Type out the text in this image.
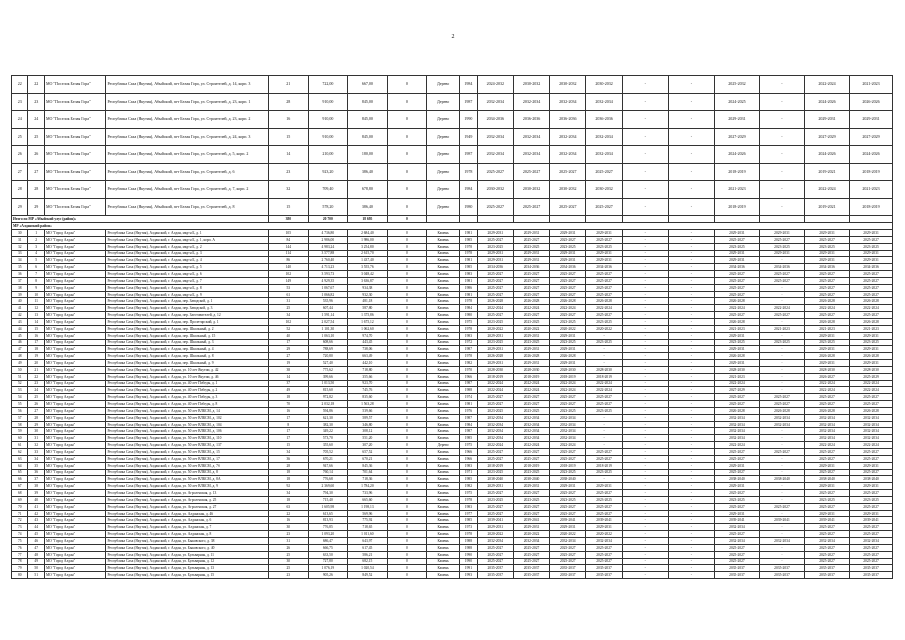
2
22	22	МО "Поселок Белая Гора"	Республика Саха (Якутия), Абыйский, пгт Белая Гора, ул. Строителей, д. 14, корп. 3	21	722,00	667,00	0	Дерево	1984	2024-2032	2030-2032	2030-2032	2030-2032	-	-	2025-2032	-	2022-2024	2021-2023
23	23	МО "Поселок Белая Гора"	Республика Саха (Якутия), Абыйский, пгт Белая Гора, ул. Строителей, д. 23, корп. 1	28	910,00	845,00	0	Дерево	1987	2032-2034	2032-2034	2032-2034	2032-2034	-	-	2024-2025	-	2024-2026	2026-2026
24	24	МО "Поселок Белая Гора"	Республика Саха (Якутия), Абыйский, пгт Белая Гора, ул. Строителей, д. 23, корп. 2	16	910,00	845,00	0	Дерево	1990	2034-2036	2036-2036	2036-2036	2036-2036	-	-	2029-2031	-	2029-2031	2029-2031
25	25	МО "Поселок Белая Гора"	Республика Саха (Якутия), Абыйский, пгт Белая Гора, ул. Строителей, д. 24, корп. 3	15	910,00	845,00	0	Дерево	1949	2032-2034	2032-2034	2032-2034	2032-2034	-	-	2027-2029	-	2027-2029	2027-2029
26	26	МО "Поселок Белая Гора"	Республика Саха (Якутия), Абыйский, пгт Белая Гора, ул. Строителей, д. 5, корп. 2	14	210,00	180,00	0	Дерево	1987	2032-2034	2032-2034	2032-2034	2032-2034	-	-	2024-2026	-	2024-2026	2024-2026
27	27	МО "Поселок Белая Гора"	Республика Саха (Якутия), Абыйский, пгт Белая Гора, ул. Строителей, д. 6	23	923,20	386,40	0	Дерево	1978	2025-2027	2025-2027	2025-2027	2025-2027	-	-	2018-2019	-	2019-2021	2018-2019
28	28	МО "Поселок Белая Гора"	Республика Саха (Якутия), Абыйский, пгт Белая Гора, ул. Строителей, д. 7, корп. 2	32	709,40	678,80	0	Дерево	1984	2030-2032	2030-2032	2030-2032	2030-2032	-	-	2021-2023	-	2022-2024	2021-2023
29	29	МО "Поселок Белая Гора"	Республика Саха (Якутия), Абыйский, пгт Белая Гора, ул. Строителей, д. 8	15	578,20	386,40	0	Дерево	1980	2025-2027	2025-2027	2025-2027	2025-2027	-	-	2018-2019	-	2019-2021	2018-2019
Итого по МР «Абыйский улус (район)»				380	20 700	18 695	0												
МР «Алданский район»																			
30	1	МО "Город Алдан"	Республика Саха (Якутия), Алданский, г. Алдан, мкр-н Б, д. 1	105	4 736,80	2 684,40	0	Камень	1981	2029-2031	2029-2031	2029-2031	2029-2031	-	-	2029-2031	2029-2031	2029-2031	2029-2031
31	2	МО "Город Алдан"	Республика Саха (Якутия), Алданский, г. Алдан, мкр-н Б, д. 1, корп. А	84	2 986,00	1 986,00	0	Камень	1985	2025-2027	2025-2027	2025-2027	2025-2027	-	-	2025-2027	2025-2027	2025-2027	2025-2027
32	3	МО "Город Алдан"	Республика Саха (Якутия), Алданский, г. Алдан, мкр-н Б, д. 2	144	4 983,24	3 254,80	0	Камень	1978	2023-2025	2023-2025	2023-2025	2023-2025	-	-	2023-2025	2023-2025	2023-2025	2023-2025
33	4	МО "Город Алдан"	Республика Саха (Якутия), Алданский, г. Алдан, мкр-н Б, д. 3	114	3 577,88	2 615,70	0	Камень	1978	2029-2031	2029-2031	2029-2031	2029-2031	-	-	2029-2031	2029-2031	2029-2031	2029-2031
34	5	МО "Город Алдан"	Республика Саха (Якутия), Алданский, г. Алдан, мкр-н Б, д. 4	86	2 760,40	1 437,40	0	Камень	1981	2029-2031	2029-2031	2029-2031	2029-2031	-	-	2029-2031	-	2029-2031	2029-2031
35	6	МО "Город Алдан"	Республика Саха (Якутия), Алданский, г. Алдан, мкр-н Б, д. 5	140	4 713,23	3 555,76	0	Камень	1985	2034-2036	2034-2036	2034-2036	2034-2036	-	-	2034-2036	2034-2036	2034-2036	2034-2036
36	7	МО "Город Алдан"	Республика Саха (Якутия), Алданский, г. Алдан, мкр-н Б, д. 6	102	3 593,73	3 048,42	0	Камень	1983	2025-2027	2025-2027	2025-2027	2025-2027	-	-	2025-2027	2025-2027	2025-2027	2025-2027
37	8	МО "Город Алдан"	Республика Саха (Якутия), Алданский, г. Алдан, мкр-н Б, д. 7	149	4 929,35	3 636,87	0	Камень	1981	2025-2027	2025-2027	2025-2027	2025-2027	-	-	2025-2027	2025-2027	2025-2027	2025-2027
38	9	МО "Город Алдан"	Республика Саха (Якутия), Алданский, г. Алдан, мкр-н Б, д. 8	53	1 067,67	934,38	0	Камень	1986	2025-2027	2025-2027	2025-2027	2025-2027	-	-	2025-2027	-	2025-2027	2025-2027
39	10	МО "Город Алдан"	Республика Саха (Якутия), Алданский, г. Алдан, мкр-н Б, д. 9	61	1 066,82	932,30	0	Камень	1981	2025-2027	2025-2027	2025-2027	2025-2027	-	-	2025-2027	-	2025-2027	2025-2027
40	11	МО "Город Алдан"	Республика Саха (Якутия), Алданский, г. Алдан, пер. Заводской, д. 1	31	535,96	481,18	0	Камень	1978	2026-2028	2026-2028	2026-2028	2026-2028	-	-	2026-2028	-	2026-2028	2026-2028
41	12	МО "Город Алдан"	Республика Саха (Якутия), Алданский, г. Алдан, пер. Заводской, д. 3	25	607,44	587,80	0	Камень	1984	2022-2024	2022-2024	2022-2024	2022-2024	-	-	2022-2024	2022-2024	2022-2024	2022-2024
42	13	МО "Город Алдан"	Республика Саха (Якутия), Алданский, г. Алдан, пер. Заготовителей, д. 12	34	1 591,14	1 375,86	0	Камень	1980	2025-2027	2025-2027	2025-2027	2025-2027	-	-	2025-2027	2025-2027	2025-2027	2025-2027
43	14	МО "Город Алдан"	Республика Саха (Якутия), Алданский, г. Алдан, пер. Пролетарский, д. 1	102	2 027,54	1 675,12	0	Камень	1975	2023-2025	2023-2025	2023-2025	2023-2025	-	-	2026-2028	-	2026-2028	2026-2028
44	15	МО "Город Алдан"	Республика Саха (Якутия), Алданский, г. Алдан, пер. Школьный, д. 2	52	1 101,30	1 062,60	0	Камень	1978	2020-2022	2020-2022	2020-2022	2020-2022	-	-	2021-2023	2021-2023	2021-2023	2021-2023
45	16	МО "Город Алдан"	Республика Саха (Якутия), Алданский, г. Алдан, пер. Школьный, д. 15	40	1 063,10	974,70	0	Камень	1983	2029-2031	2029-2031	2029-2031	-	-	-	2029-2031	-	2029-2031	2029-2031
46	17	МО "Город Алдан"	Республика Саха (Якутия), Алданский, г. Алдан, пер. Школьный, д. 3	17	608,66	443,45	0	Камень	1972	2023-2025	2023-2025	2023-2025	2023-2025	-	-	2023-2025	2023-2025	2023-2025	2023-2025
47	18	МО "Город Алдан"	Республика Саха (Якутия), Алданский, г. Алдан, пер. Школьный, д. 4	29	788,69	738,06	0	Камень	1987	2029-2031	2029-2031	2029-2031	-	-	-	2029-2031	-	2029-2031	2029-2031
48	19	МО "Город Алдан"	Республика Саха (Якутия), Алданский, г. Алдан, пер. Школьный, д. 8	27	720,80	663,49	0	Камень	1978	2026-2028	2026-2028	2026-2028	-	-	-	2026-2028	-	2026-2028	2026-2028
49	20	МО "Город Алдан"	Республика Саха (Якутия), Алданский, г. Алдан, пер. Школьный, д. 9	19	527,40	442,10	0	Камень	1982	2029-2031	2029-2031	2029-2031	-	-	-	2029-2031	-	2029-2031	2029-2031
50	21	МО "Город Алдан"	Республика Саха (Якутия), Алданский, г. Алдан, ул. 10 лет Якутии, д. 42	38	775,62	718,80	0	Камень	1970	2028-2030	2028-2030	2028-2030	2028-2030	-	-	2028-2030	-	2028-2030	2028-2030
51	22	МО "Город Алдан"	Республика Саха (Якутия), Алданский, г. Алдан, ул. 10 лет Якутии, д. 46	14	399,66	355,66	0	Камень	1966	2018-2019	2018-2019	2018-2019	2018-2019	-	-	2021-2023	-	2026-2027	2025-2029
52	23	МО "Город Алдан"	Республика Саха (Якутия), Алданский, г. Алдан, ул. 40 лет Победы, д. 1	37	1 013,50	923,70	0	Камень	1987	2022-2024	2022-2024	2022-2024	2022-2024	-	-	2022-2024	-	2022-2024	2022-2024
53	24	МО "Город Алдан"	Республика Саха (Якутия), Алданский, г. Алдан, ул. 40 лет Победы, д. 2	49	815,60	745,76	0	Камень	1988	2022-2024	2022-2024	2022-2024	2022-2024	-	-	2027-2029	-	2022-2024	2022-2024
54	25	МО "Город Алдан"	Республика Саха (Якутия), Алданский, г. Алдан, ул. 40 лет Победы, д. 3	18	972,82	835,60	0	Камень	1974	2025-2027	2025-2027	2025-2027	2025-2027	-	-	2025-2027	2025-2027	2025-2027	2025-2027
55	26	МО "Город Алдан"	Республика Саха (Якутия), Алданский, г. Алдан, ул. 40 лет Победы, д. 8	70	2 032,18	1 563,28	0	Камень	1981	2025-2027	2025-2027	2025-2027	2025-2027	-	-	2025-2027	2025-2027	2025-2027	2025-2027
56	27	МО "Город Алдан"	Республика Саха (Якутия), Алданский, г. Алдан, ул. 50 лет ВЛКСМ, д. 14	16	594,86	539,66	0	Камень	1976	2023-2025	2023-2025	2023-2025	2023-2025	-	-	2026-2028	2026-2028	2026-2028	2026-2028
57	28	МО "Город Алдан"	Республика Саха (Якутия), Алданский, г. Алдан, ул. 50 лет ВЛКСМ, д. 102	17	621,30	589,57	0	Камень	1987	2032-2034	2032-2034	2032-2034	-	-	-	2032-2034	2032-2034	2032-2034	2032-2034
58	29	МО "Город Алдан"	Республика Саха (Якутия), Алданский, г. Алдан, ул. 50 лет ВЛКСМ, д. 104	8	382,30	346,80	0	Камень	1984	2032-2034	2032-2034	2032-2034	-	-	-	2032-2034	2032-2034	2032-2034	2032-2034
59	30	МО "Город Алдан"	Республика Саха (Якутия), Алданский, г. Алдан, ул. 50 лет ВЛКСМ, д. 106	17	349,22	308,12	0	Камень	1987	2032-2034	2032-2034	2032-2034	-	-	-	2032-2034	-	2032-2034	2032-2034
60	31	МО "Город Алдан"	Республика Саха (Якутия), Алданский, г. Алдан, ул. 50 лет ВЛКСМ, д. 110	17	573,70	551,20	0	Камень	1985	2032-2034	2032-2034	2032-2034	-	-	-	2032-2034	-	2032-2034	2032-2034
61	32	МО "Город Алдан"	Республика Саха (Якутия), Алданский, г. Алдан, ул. 50 лет ВЛКСМ, д. 137	15	355,60	307,20	0	Дерево	1975	2022-2024	2022-2024	2022-2024	-	-	-	2022-2024	-	2022-2024	2022-2024
62	33	МО "Город Алдан"	Республика Саха (Якутия), Алданский, г. Алдан, ул. 50 лет ВЛКСМ, д. 15	34	705,52	657,52	0	Камень	1966	2025-2027	2025-2027	2025-2027	2025-2027	-	-	2025-2027	2025-2027	2025-2027	2025-2027
63	34	МО "Город Алдан"	Республика Саха (Якутия), Алданский, г. Алдан, ул. 50 лет ВЛКСМ, д. 17	36	670,21	670,21	0	Камень	1966	2025-2027	2025-2027	2025-2027	2025-2027	-	-	2025-2027	-	2025-2027	2025-2027
64	35	МО "Город Алдан"	Республика Саха (Якутия), Алданский, г. Алдан, ул. 50 лет ВЛКСМ, д. 7б	28	947,66	845,36	0	Камень	1983	2018-2019	2018-2019	2018-2019	2018-2019	-	-	2029-2031	-	2029-2031	2029-2031
65	36	МО "Город Алдан"	Республика Саха (Якутия), Алданский, г. Алдан, ул. 50 лет ВЛКСМ, д. 8	18	760,14	701,64	0	Камень	1971	2023-2025	2023-2025	2023-2025	2023-2025	-	-	2025-2027	-	2025-2027	2025-2027
66	37	МО "Город Алдан"	Республика Саха (Якутия), Алданский, г. Алдан, ул. 50 лет ВЛКСМ, д. 8А	18	776,68	718,36	0	Камень	1985	2038-2040	2038-2040	2038-2040	-	-	-	2038-2040	2038-2040	2038-2040	2038-2040
67	38	МО "Город Алдан"	Республика Саха (Якутия), Алданский, г. Алдан, ул. 50 лет ВЛКСМ, д. 9	92	2 369,60	1 784,20	0	Камень	1982	2029-2031	2029-2031	2029-2031	2029-2031	-	-	2029-2031	-	2029-2031	2029-2031
68	39	МО "Город Алдан"	Республика Саха (Якутия), Алданский, г. Алдан, ул. Агроленская, д. 13	34	794,30	733,96	0	Камень	1975	2025-2027	2025-2027	2025-2027	2025-2027	-	-	2025-2027	-	2025-2027	2025-2027
69	40	МО "Город Алдан"	Республика Саха (Якутия), Алданский, г. Алдан, ул. Агроленская, д. 25	18	715,40	665,60	0	Камень	1978	2023-2025	2023-2025	2023-2025	2023-2025	-	-	2023-2025	-	2023-2025	2023-2025
70	41	МО "Город Алдан"	Республика Саха (Якутия), Алданский, г. Алдан, ул. Агроленская, д. 27	63	1 605,98	1 198,13	0	Камень	1983	2025-2027	2025-2027	2025-2027	2025-2027	-	-	2025-2027	2025-2027	2025-2027	2025-2027
71	42	МО "Город Алдан"	Республика Саха (Якутия), Алданский, г. Алдан, ул. Алданская, д. 46	22	613,65	569,96	0	Камень	1977	2025-2027	2025-2027	2025-2027	2025-2027	-	-	2029-2031	-	2029-2031	2029-2031
72	43	МО "Город Алдан"	Республика Саха (Якутия), Алданский, г. Алдан, ул. Алданская, д. 6	16	813,93	775,92	0	Камень	1985	2039-2041	2039-2041	2039-2041	2039-2041	-	-	2039-2041	2039-2041	2039-2041	2039-2041
73	44	МО "Город Алдан"	Республика Саха (Якутия), Алданский, г. Алдан, ул. Алданская, д. 7	30	776,85	718,65	0	Камень	1973	2029-2031	2029-2031	2029-2031	2029-2031	-	-	2032-2034	-	2025-2027	2025-2027
74	45	МО "Город Алдан"	Республика Саха (Якутия), Алданский, г. Алдан, ул. Алданская, д. 8	23	1 093,20	1 011,60	0	Камень	1978	2020-2022	2020-2022	2020-2022	2020-2022	-	-	2025-2027	-	2025-2027	2025-2027
75	46	МО "Город Алдан"	Республика Саха (Якутия), Алданский, г. Алдан, ул. Быковского, д. 38	31	686,47	643,97	0	Камень	1988	2032-2034	2032-2034	2032-2034	2032-2034	-	-	2032-2034	2032-2034	2032-2034	2032-2034
76	47	МО "Город Алдан"	Республика Саха (Якутия), Алданский, г. Алдан, ул. Быковского, д. 40	26	666,75	617,45	0	Камень	1988	2025-2027	2025-2027	2025-2027	2025-2027	-	-	2025-2027	-	2025-2027	2025-2027
77	48	МО "Город Алдан"	Республика Саха (Якутия), Алданский, г. Алдан, ул. Бульварная, д. 11	25	633,50	586,21	0	Камень	1990	2025-2027	2025-2027	2025-2027	2025-2027	-	-	2025-2027	-	2025-2027	2025-2027
78	49	МО "Город Алдан"	Республика Саха (Якутия), Алданский, г. Алдан, ул. Бульварная, д. 12	30	727,80	682,15	0	Камень	1990	2025-2027	2025-2027	2025-2027	2025-2027	-	-	2025-2027	-	2025-2027	2025-2027
79	50	МО "Город Алдан"	Республика Саха (Якутия), Алданский, г. Алдан, ул. Бульварная, д. 13	25	1 076,19	1 020,54	0	Камень	1991	2035-2037	2035-2037	2035-2037	2035-2037	-	-	2035-2037	2035-2037	2035-2037	2035-2037
80	51	МО "Город Алдан"	Республика Саха (Якутия), Алданский, г. Алдан, ул. Бульварная, д. 15	23	905,26	849,52	0	Камень	1993	2035-2037	2035-2037	2035-2037	2035-2037	-	-	2035-2037	2035-2037	2035-2037	2035-2037
